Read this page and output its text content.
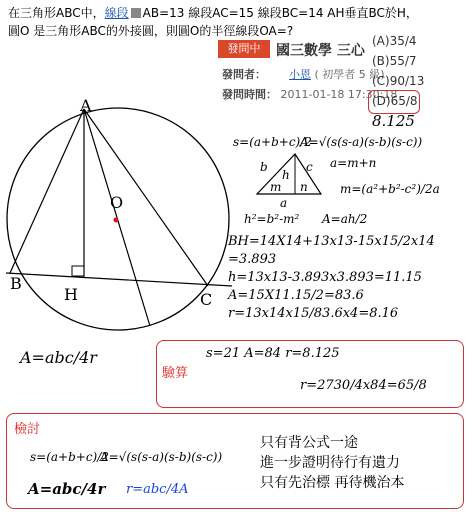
在三角形ABC中，線段 AB=13 線段AC=15 線段BC=14 AH垂直BC於H，
圓O 是三角形ABC的外接圓，則圓O的半徑線段OA=?
發問中	國三數學 三心
發問者： 小恩 ( 初學者 5 級)
發問時間： 2011-01-18 17:30:18
(A)35/4
(B)55/7
(C)90/13
(D)65/8
8.125
A
B
C
H
O
s=(a+b+c)/2
A=√(s(s-a)(s-b)(s-c))
b	c
h
m n
a
a=m+n
m=(a²+b²-c²)/2a
h²=b²-m² A=ah/2
BH=14X14+13x13-15x15/2x14
=3.893
h=13x13-3.893x3.893=11.15
A=15X11.15/2=83.6
r=13x14x15/83.6x4=8.16
A=abc/4r
驗算
s=21 A=84 r=8.125
r=2730/4x84=65/8
檢討
s=(a+b+c)/2
A=√(s(s-a)(s-b)(s-c))
A=abc/4r r=abc/4A
只有背公式一途
進一步證明待行有遺力
只有先治標 再待機治本
